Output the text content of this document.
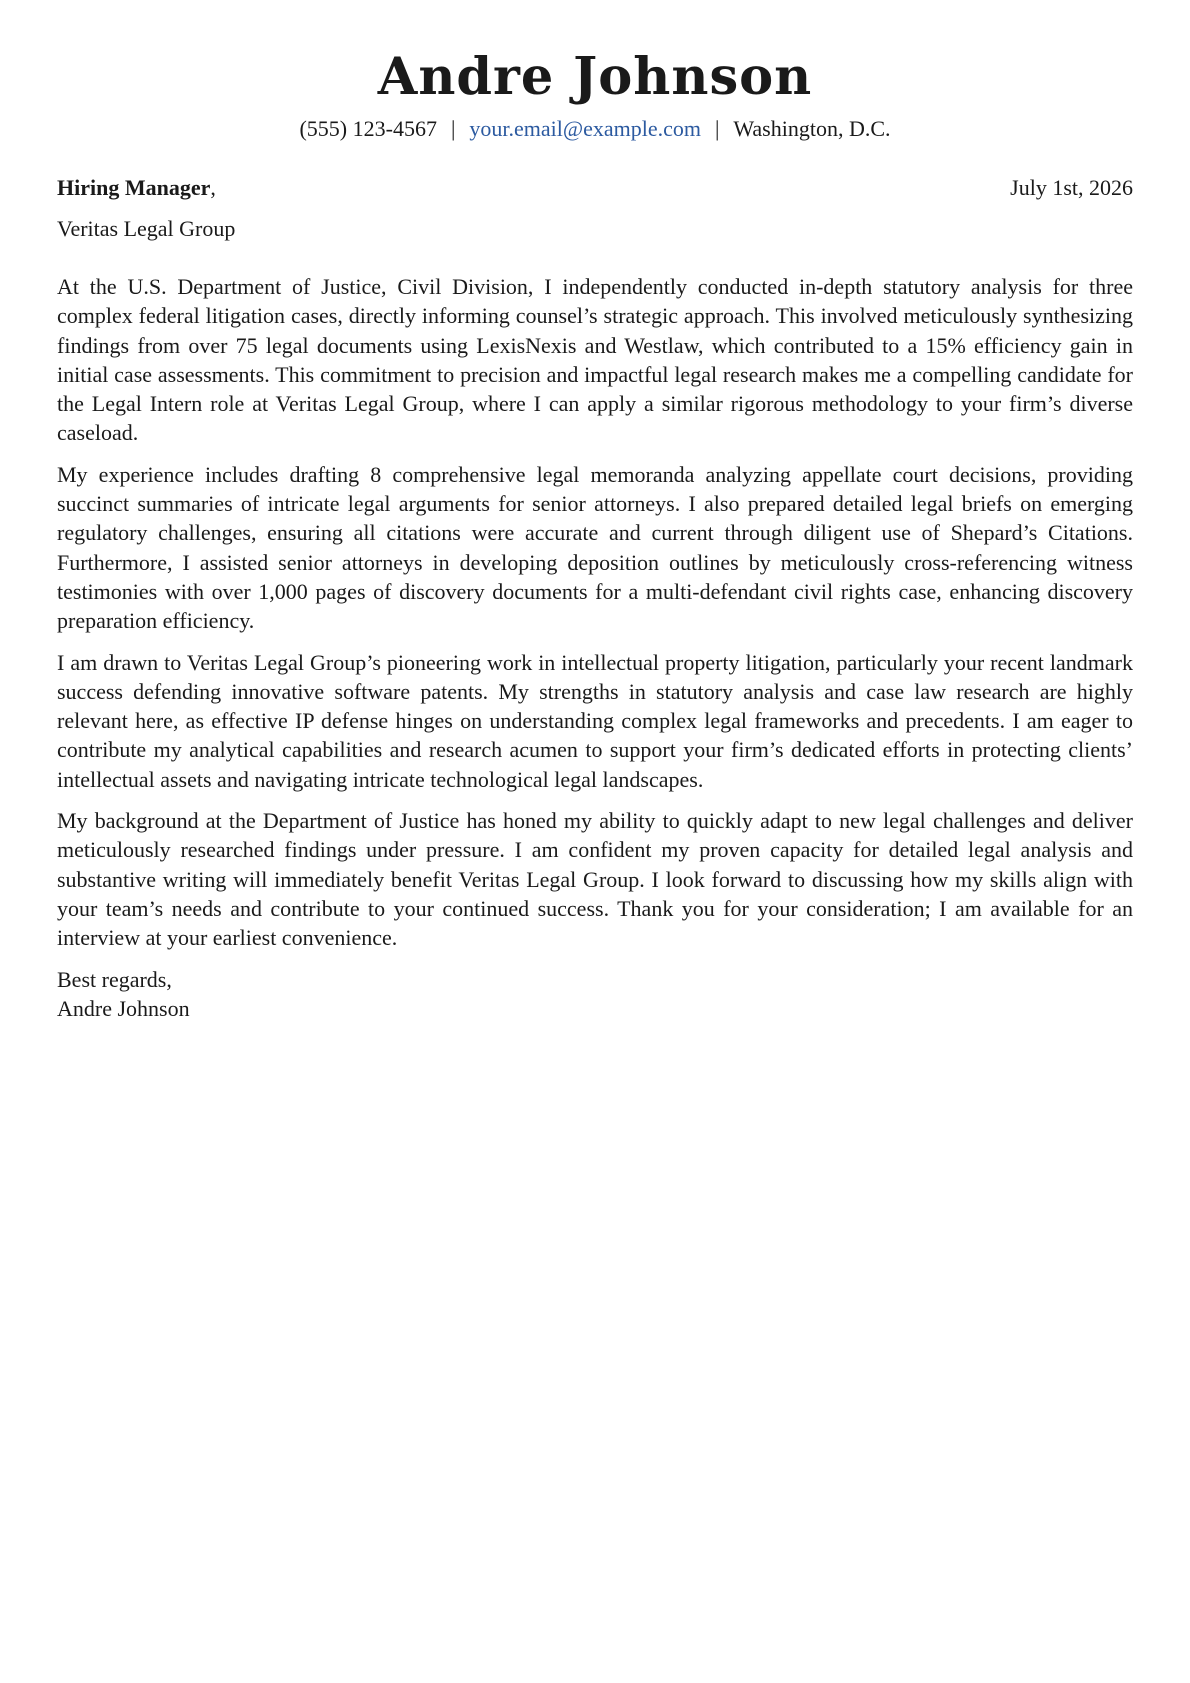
Andre Johnson
(555) 123-4567 | your.email@example.com | Washington, D.C.
Hiring Manager,	July 1st, 2026
Veritas Legal Group

At the U.S. Department of Justice, Civil Division, I independently conducted in-depth statutory analysis for three complex federal litigation cases, directly informing counsel’s strategic approach. This involved meticulously synthesizing findings from over 75 legal documents using LexisNexis and Westlaw, which contributed to a 15% efficiency gain in initial case assessments. This commitment to precision and impactful legal research makes me a compelling candidate for the Legal Intern role at Veritas Legal Group, where I can apply a similar rigorous methodology to your firm’s diverse caseload.

My experience includes drafting 8 comprehensive legal memoranda analyzing appellate court decisions, providing succinct summaries of intricate legal arguments for senior attorneys. I also prepared detailed legal briefs on emerging regulatory challenges, ensuring all citations were accurate and current through diligent use of Shepard’s Citations. Furthermore, I assisted senior attorneys in developing deposition outlines by meticulously cross-referencing witness testimonies with over 1,000 pages of discovery documents for a multi-defendant civil rights case, enhancing discovery preparation efficiency.

I am drawn to Veritas Legal Group’s pioneering work in intellectual property litigation, particularly your recent landmark success defending innovative software patents. My strengths in statutory analysis and case law research are highly relevant here, as effective IP defense hinges on understanding complex legal frameworks and precedents. I am eager to contribute my analytical capabilities and research acumen to support your firm’s dedicated efforts in protecting clients’ intellectual assets and navigating intricate technological legal landscapes.

My background at the Department of Justice has honed my ability to quickly adapt to new legal challenges and deliver meticulously researched findings under pressure. I am confident my proven capacity for detailed legal analysis and substantive writing will immediately benefit Veritas Legal Group. I look forward to discussing how my skills align with your team’s needs and contribute to your continued success. Thank you for your consideration; I am available for an interview at your earliest convenience.

Best regards,
Andre Johnson
